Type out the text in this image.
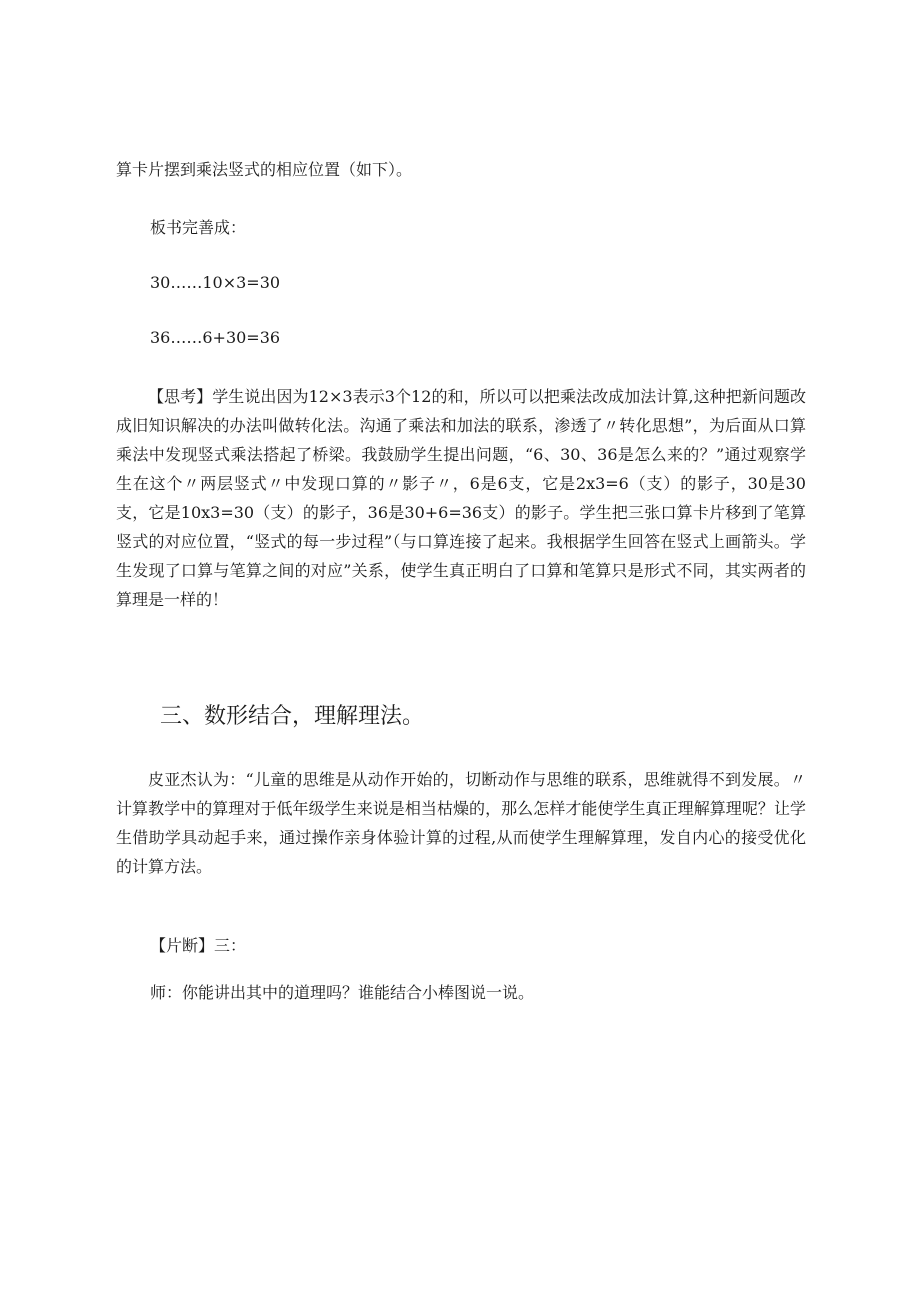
算卡片摆到乘法竖式的相应位置（如下）。

板书完善成：

30……10×3=30

36……6+30=36

【思考】学生说出因为12×3表示3个12的和，所以可以把乘法改成加法计算,这种把新问题改成旧知识解决的办法叫做转化法。沟通了乘法和加法的联系，渗透了〃转化思想”，为后面从口算乘法中发现竖式乘法搭起了桥梁。我鼓励学生提出问题，“6、30、36是怎么来的？”通过观察学生在这个〃两层竖式〃中发现口算的〃影子〃，6是6支，它是2x3=6（支）的影子，30是30支，它是10x3=30（支）的影子，36是30+6=36支）的影子。学生把三张口算卡片移到了笔算竖式的对应位置，“竖式的每一步过程”（与口算连接了起来。我根据学生回答在竖式上画箭头。学生发现了口算与笔算之间的对应”关系，使学生真正明白了口算和笔算只是形式不同，其实两者的算理是一样的！

三、数形结合，理解理法。

皮亚杰认为：“儿童的思维是从动作开始的，切断动作与思维的联系，思维就得不到发展。〃计算教学中的算理对于低年级学生来说是相当枯燥的，那么怎样才能使学生真正理解算理呢？让学生借助学具动起手来，通过操作亲身体验计算的过程,从而使学生理解算理，发自内心的接受优化的计算方法。

【片断】三：

师：你能讲出其中的道理吗？谁能结合小棒图说一说。
